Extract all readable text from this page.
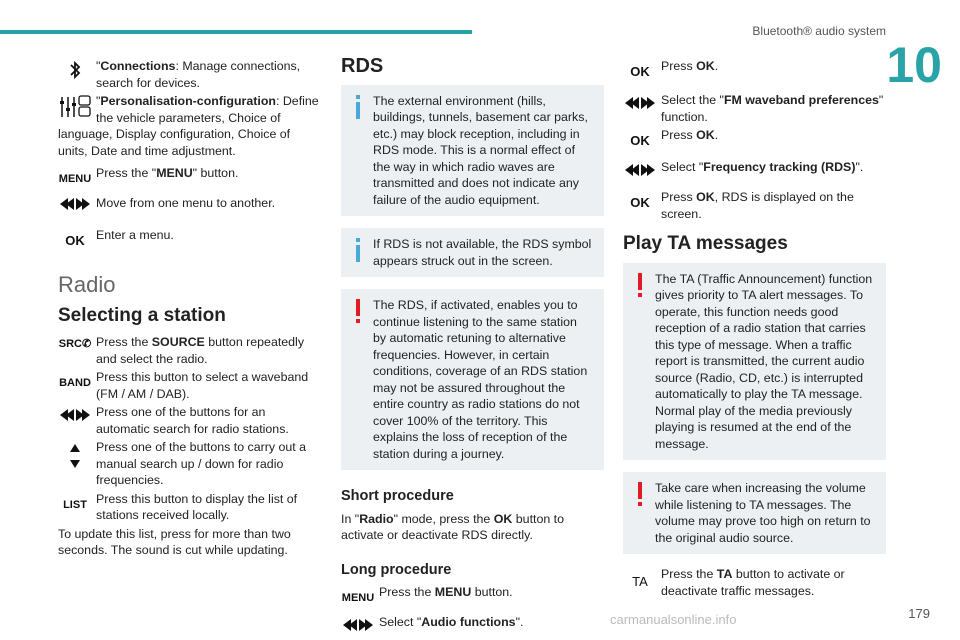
Bluetooth® audio system
10
179
carmanualsonline.info
"Connections: Manage connections, search for devices.
"Personalisation-configuration: Define the vehicle parameters, Choice of
language, Display configuration, Choice of units, Date and time adjustment.
MENU Press the "MENU" button.
Move from one menu to another.
OK Enter a menu.
Radio
Selecting a station
SRC✆ Press the SOURCE button repeatedly and select the radio.
BAND Press this button to select a waveband (FM / AM / DAB).
Press one of the buttons for an automatic search for radio stations.
Press one of the buttons to carry out a manual search up / down for radio frequencies.
LIST Press this button to display the list of stations received locally.
To update this list, press for more than two seconds. The sound is cut while updating.
RDS

The external environment (hills, buildings, tunnels, basement car parks, etc.) may block reception, including in RDS mode. This is a normal effect of the way in which radio waves are transmitted and does not indicate any failure of the audio equipment.

If RDS is not available, the RDS symbol appears struck out in the screen.

The RDS, if activated, enables you to continue listening to the same station by automatic retuning to alternative frequencies. However, in certain conditions, coverage of an RDS station may not be assured throughout the entire country as radio stations do not cover 100% of the territory. This explains the loss of reception of the station during a journey.

Short procedure
In "Radio" mode, press the OK button to activate or deactivate RDS directly.
Long procedure
MENU Press the MENU button.
Select "Audio functions".
OK Press OK.
Select the "FM waveband preferences" function.
OK Press OK.
Select "Frequency tracking (RDS)".
OK Press OK, RDS is displayed on the screen.
Play TA messages

The TA (Traffic Announcement) function gives priority to TA alert messages. To operate, this function needs good reception of a radio station that carries this type of message. When a traffic report is transmitted, the current audio source (Radio, CD, etc.) is interrupted automatically to play the TA message. Normal play of the media previously playing is resumed at the end of the message.

Take care when increasing the volume while listening to TA messages. The volume may prove too high on return to the original audio source.

TA	Press the TA button to activate or deactivate traffic messages.
